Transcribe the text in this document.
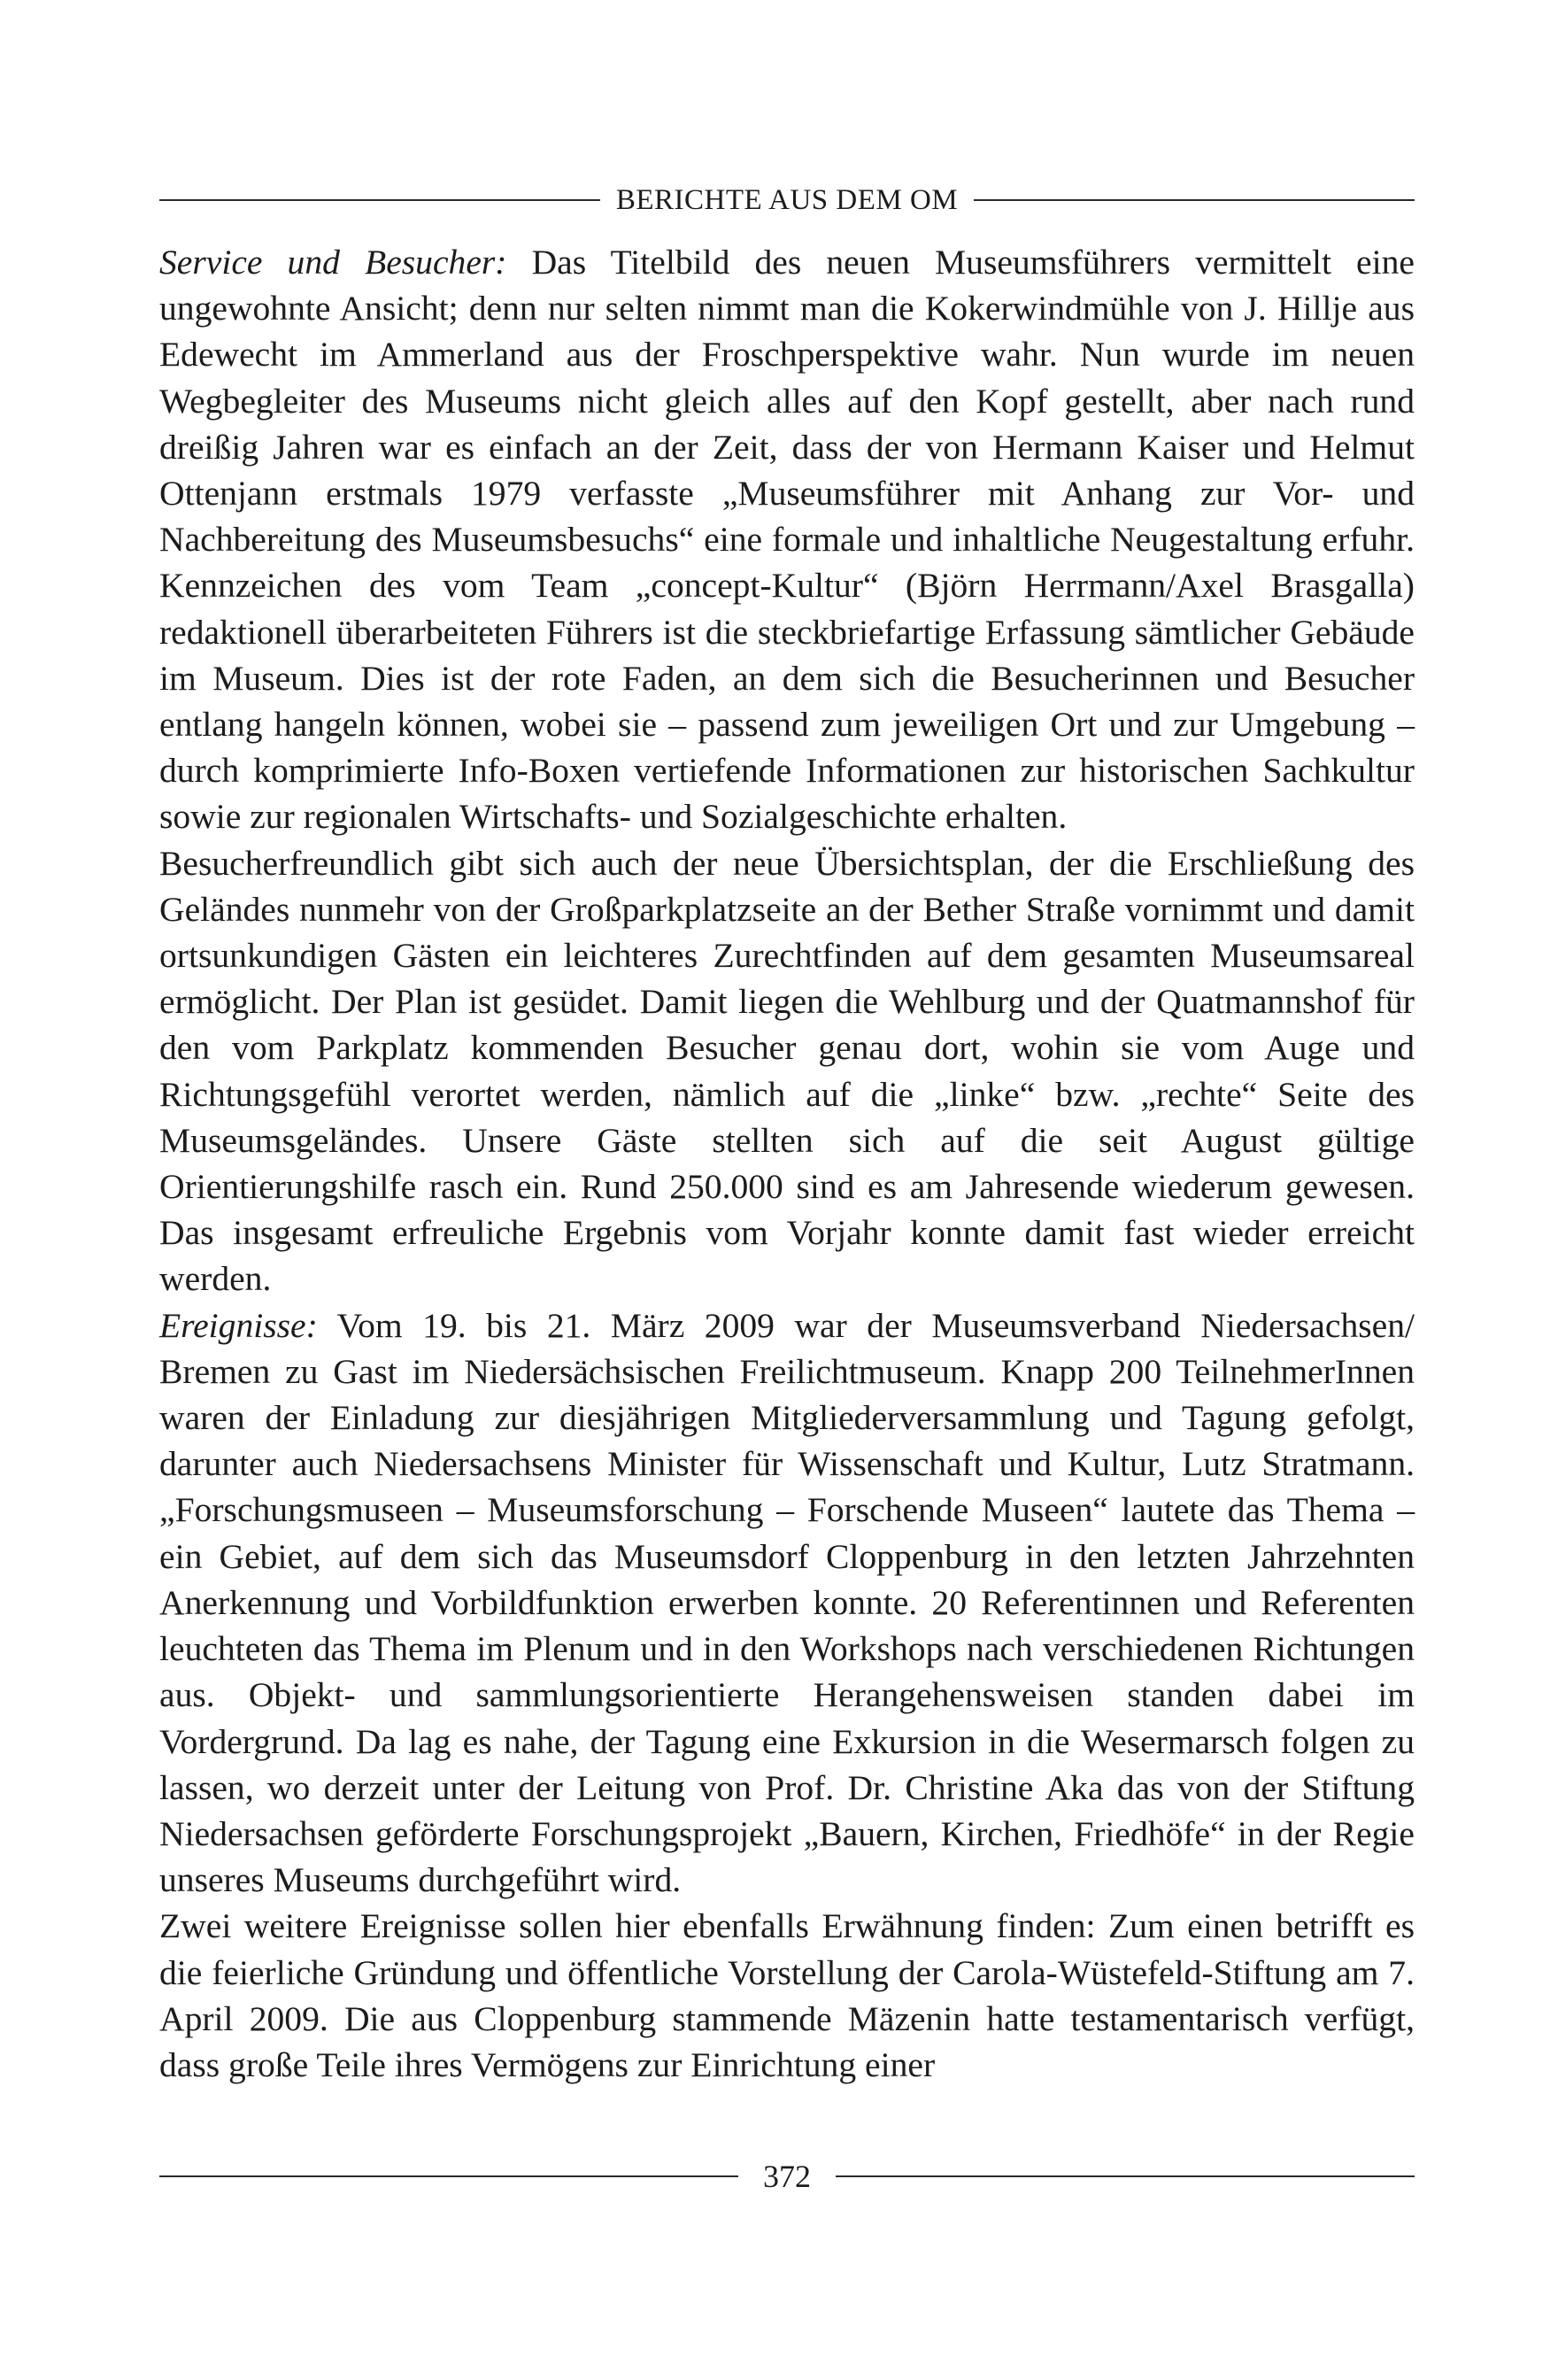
BERICHTE AUS DEM OM

Service und Besucher: Das Titelbild des neuen Museumsführers vermittelt eine ungewohnte Ansicht; denn nur selten nimmt man die Kokerwindmühle von J. Hillje aus Edewecht im Ammerland aus der Froschperspektive wahr. Nun wurde im neuen Wegbegleiter des Museums nicht gleich alles auf den Kopf gestellt, aber nach rund dreißig Jahren war es einfach an der Zeit, dass der von Hermann Kaiser und Helmut Ottenjann erstmals 1979 verfasste „Museumsführer mit Anhang zur Vor- und Nachbereitung des Museumsbesuchs“ eine formale und inhaltliche Neugestaltung erfuhr. Kennzeichen des vom Team „concept-Kultur“ (Björn Herrmann/Axel Brasgalla) redaktionell überarbeiteten Führers ist die steckbriefartige Erfassung sämtlicher Gebäude im Museum. Dies ist der rote Faden, an dem sich die Besucherinnen und Besucher entlang hangeln können, wobei sie – passend zum jeweiligen Ort und zur Umgebung – durch komprimierte Info-Boxen vertiefende Informationen zur historischen Sachkultur sowie zur regionalen Wirtschafts- und Sozialgeschichte erhalten.

Besucherfreundlich gibt sich auch der neue Übersichtsplan, der die Erschließung des Geländes nunmehr von der Großparkplatzseite an der Bether Straße vornimmt und damit ortsunkundigen Gästen ein leichteres Zurechtfinden auf dem gesamten Museumsareal ermöglicht. Der Plan ist gesüdet. Damit liegen die Wehlburg und der Quatmannshof für den vom Parkplatz kommenden Besucher genau dort, wohin sie vom Auge und Richtungsgefühl verortet werden, nämlich auf die „linke“ bzw. „rechte“ Seite des Museumsgeländes. Unsere Gäste stellten sich auf die seit August gültige Orientierungshilfe rasch ein. Rund 250.000 sind es am Jahresende wiederum gewesen. Das insgesamt erfreuliche Ergebnis vom Vorjahr konnte damit fast wieder erreicht werden.

Ereignisse: Vom 19. bis 21. März 2009 war der Museumsverband Niedersachsen/ Bremen zu Gast im Niedersächsischen Freilichtmuseum. Knapp 200 TeilnehmerInnen waren der Einladung zur diesjährigen Mitgliederversammlung und Tagung gefolgt, darunter auch Niedersachsens Minister für Wissenschaft und Kultur, Lutz Stratmann. „Forschungsmuseen – Museumsforschung – Forschende Museen“ lautete das Thema – ein Gebiet, auf dem sich das Museumsdorf Cloppenburg in den letzten Jahrzehnten Anerkennung und Vorbildfunktion erwerben konnte. 20 Referentinnen und Referenten leuchteten das Thema im Plenum und in den Workshops nach verschiedenen Richtungen aus. Objekt- und sammlungsorientierte Herangehensweisen standen dabei im Vordergrund. Da lag es nahe, der Tagung eine Exkursion in die Wesermarsch folgen zu lassen, wo derzeit unter der Leitung von Prof. Dr. Christine Aka das von der Stiftung Niedersachsen geförderte Forschungsprojekt „Bauern, Kirchen, Friedhöfe“ in der Regie unseres Museums durchgeführt wird.

Zwei weitere Ereignisse sollen hier ebenfalls Erwähnung finden: Zum einen betrifft es die feierliche Gründung und öffentliche Vorstellung der Carola-Wüstefeld-Stiftung am 7. April 2009. Die aus Cloppenburg stammende Mäzenin hatte testamentarisch verfügt, dass große Teile ihres Vermögens zur Einrichtung einer

372
